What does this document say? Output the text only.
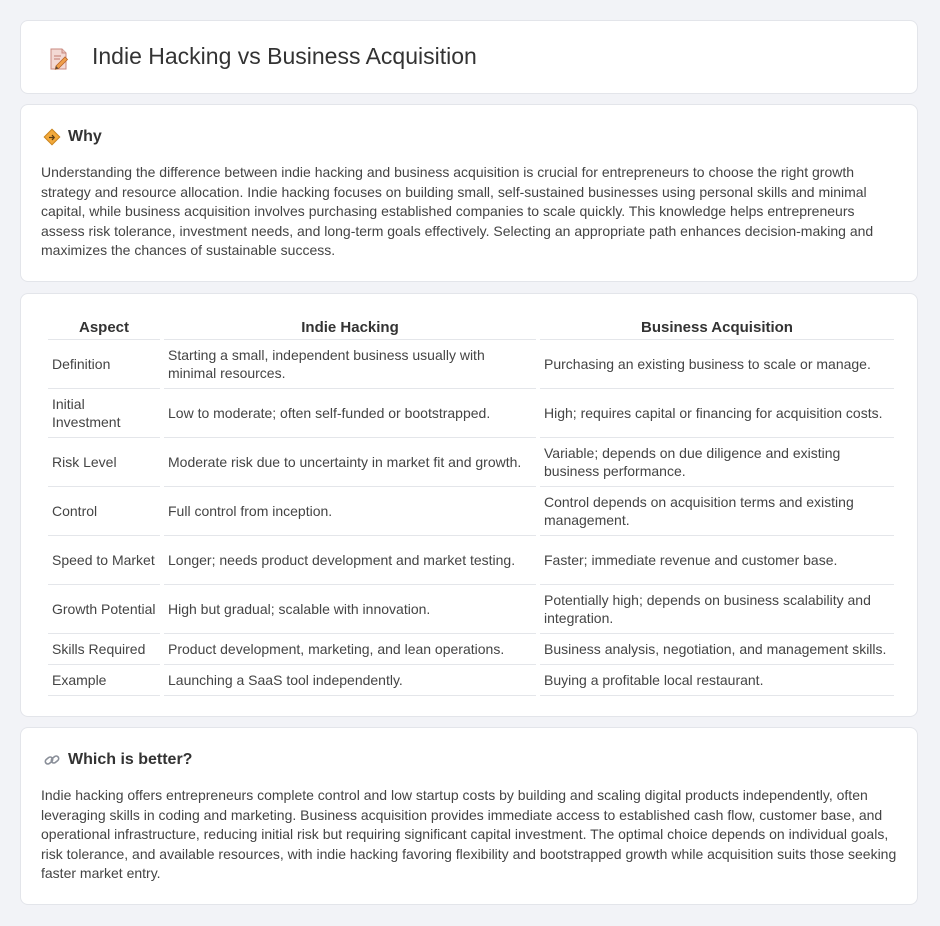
Indie Hacking vs Business Acquisition
Why

Understanding the difference between indie hacking and business acquisition is crucial for entrepreneurs to choose the right growth strategy and resource allocation. Indie hacking focuses on building small, self-sustained businesses using personal skills and minimal capital, while business acquisition involves purchasing established companies to scale quickly. This knowledge helps entrepreneurs assess risk tolerance, investment needs, and long-term goals effectively. Selecting an appropriate path enhances decision-making and maximizes the chances of sustainable success.

Aspect	Indie Hacking	Business Acquisition
Definition	Starting a small, independent business usually with minimal resources.	Purchasing an existing business to scale or manage.
Initial Investment	Low to moderate; often self-funded or bootstrapped.	High; requires capital or financing for acquisition costs.
Risk Level	Moderate risk due to uncertainty in market fit and growth.	Variable; depends on due diligence and existing business performance.
Control	Full control from inception.	Control depends on acquisition terms and existing management.
Speed to Market	Longer; needs product development and market testing.	Faster; immediate revenue and customer base.
Growth Potential	High but gradual; scalable with innovation.	Potentially high; depends on business scalability and integration.
Skills Required	Product development, marketing, and lean operations.	Business analysis, negotiation, and management skills.
Example	Launching a SaaS tool independently.	Buying a profitable local restaurant.
Which is better?

Indie hacking offers entrepreneurs complete control and low startup costs by building and scaling digital products independently, often leveraging skills in coding and marketing. Business acquisition provides immediate access to established cash flow, customer base, and operational infrastructure, reducing initial risk but requiring significant capital investment. The optimal choice depends on individual goals, risk tolerance, and available resources, with indie hacking favoring flexibility and bootstrapped growth while acquisition suits those seeking faster market entry.
